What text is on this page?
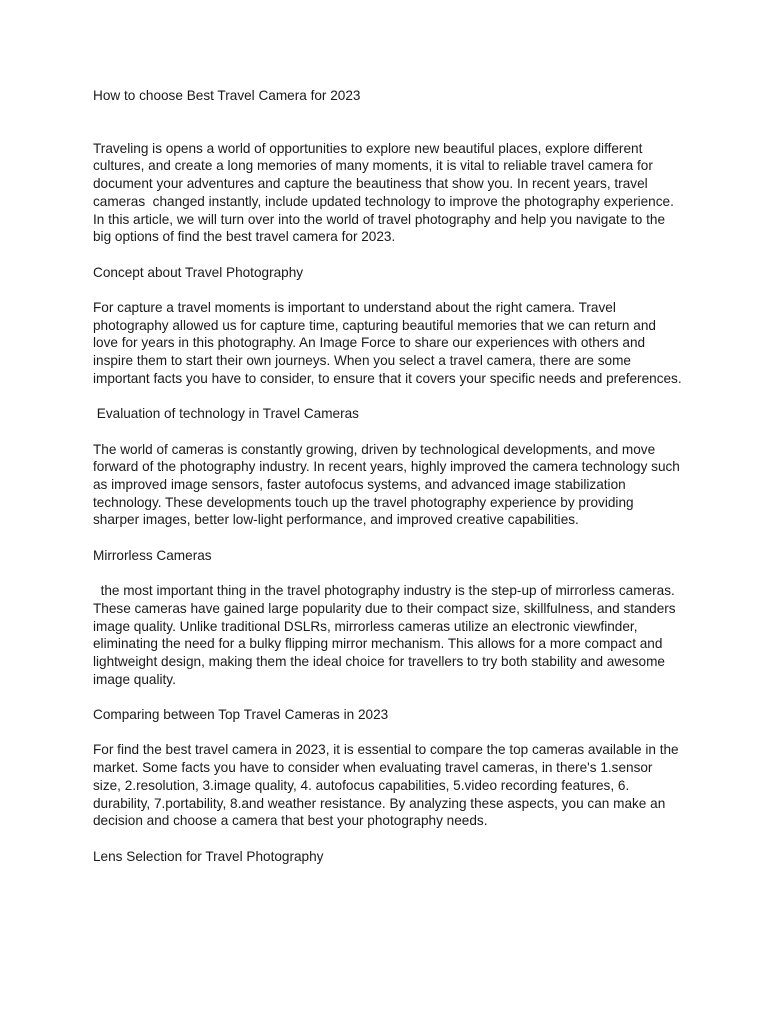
How to choose Best Travel Camera for 2023

Traveling is opens a world of opportunities to explore new beautiful places, explore different cultures, and create a long memories of many moments, it is vital to reliable travel camera for document your adventures and capture the beautiness that show you. In recent years, travel cameras  changed instantly, include updated technology to improve the photography experience. In this article, we will turn over into the world of travel photography and help you navigate to the big options of find the best travel camera for 2023.

Concept about Travel Photography

For capture a travel moments is important to understand about the right camera. Travel photography allowed us for capture time, capturing beautiful memories that we can return and love for years in this photography. An Image Force to share our experiences with others and inspire them to start their own journeys. When you select a travel camera, there are some important facts you have to consider, to ensure that it covers your specific needs and preferences.

Evaluation of technology in Travel Cameras

The world of cameras is constantly growing, driven by technological developments, and move forward of the photography industry. In recent years, highly improved the camera technology such as improved image sensors, faster autofocus systems, and advanced image stabilization technology. These developments touch up the travel photography experience by providing sharper images, better low-light performance, and improved creative capabilities.

Mirrorless Cameras

the most important thing in the travel photography industry is the step-up of mirrorless cameras. These cameras have gained large popularity due to their compact size, skillfulness, and standers image quality. Unlike traditional DSLRs, mirrorless cameras utilize an electronic viewfinder, eliminating the need for a bulky flipping mirror mechanism. This allows for a more compact and lightweight design, making them the ideal choice for travellers to try both stability and awesome image quality.

Comparing between Top Travel Cameras in 2023

For find the best travel camera in 2023, it is essential to compare the top cameras available in the market. Some facts you have to consider when evaluating travel cameras, in there's 1.sensor size, 2.resolution, 3.image quality, 4. autofocus capabilities, 5.video recording features, 6. durability, 7.portability, 8.and weather resistance. By analyzing these aspects, you can make an decision and choose a camera that best your photography needs.

Lens Selection for Travel Photography
